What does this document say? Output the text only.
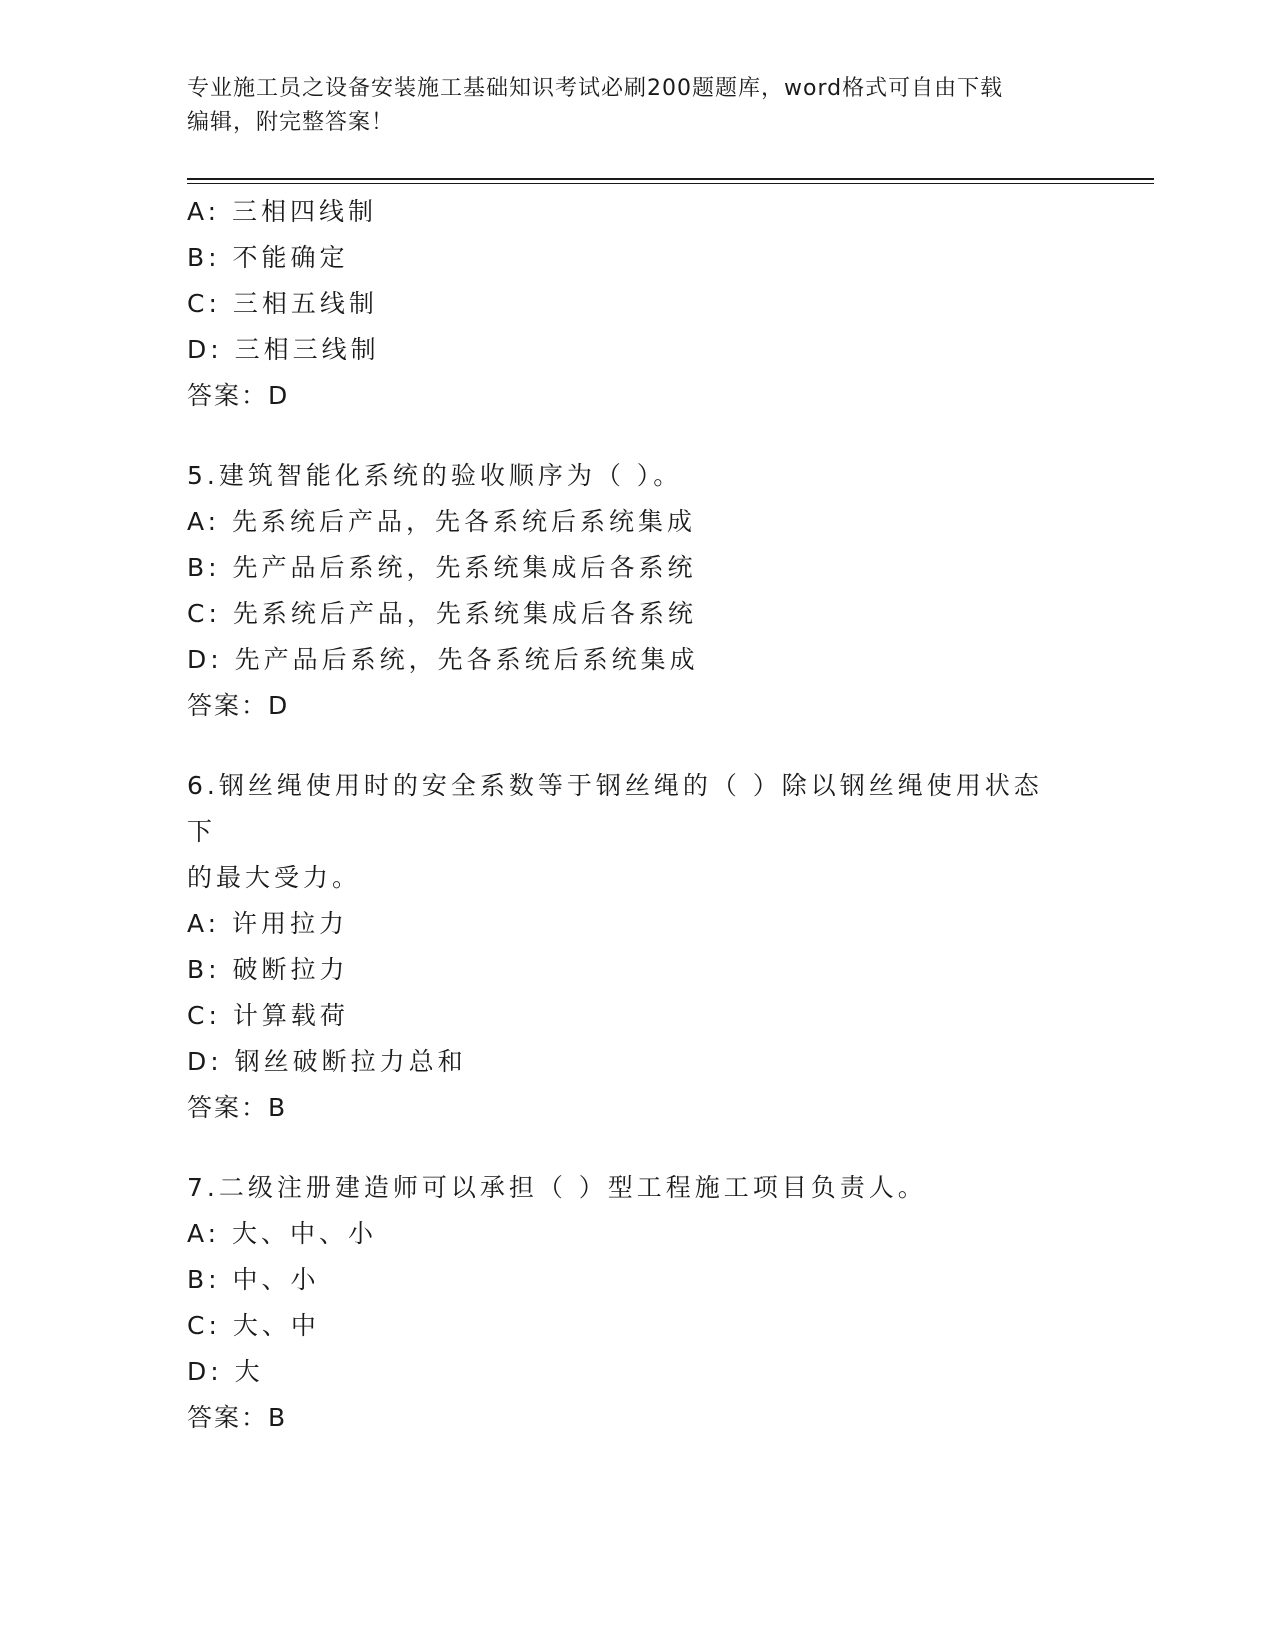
专业施工员之设备安装施工基础知识考试必刷200题题库，word格式可自由下载
编辑，附完整答案！
A: 三相四线制
B: 不能确定
C: 三相五线制
D: 三相三线制
答案：D
5.建筑智能化系统的验收顺序为（ ）。
A: 先系统后产品，先各系统后系统集成
B: 先产品后系统，先系统集成后各系统
C: 先系统后产品，先系统集成后各系统
D: 先产品后系统，先各系统后系统集成
答案：D
6.钢丝绳使用时的安全系数等于钢丝绳的（ ）除以钢丝绳使用状态下
的最大受力。
A: 许用拉力
B: 破断拉力
C: 计算载荷
D: 钢丝破断拉力总和
答案：B
7.二级注册建造师可以承担（ ）型工程施工项目负责人。
A: 大、中、小
B: 中、小
C: 大、中
D: 大
答案：B
